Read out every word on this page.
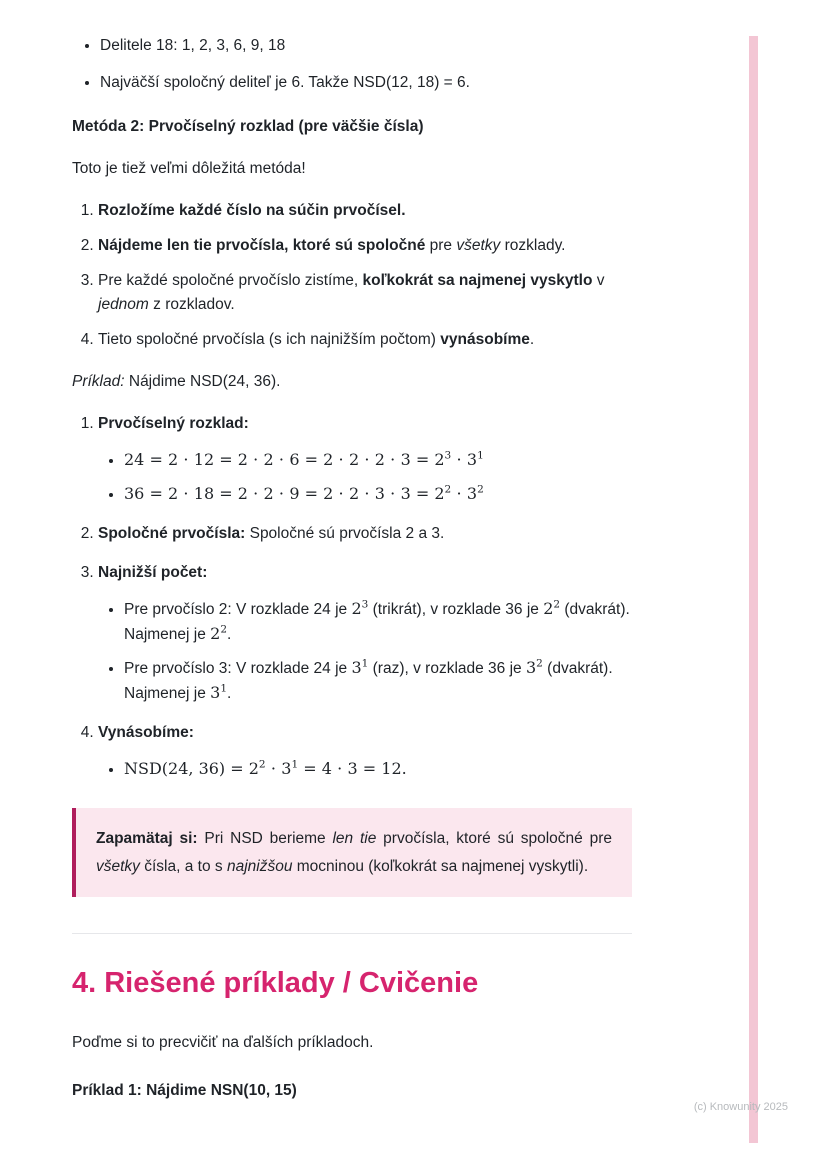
• Delitele 18: 1, 2, 3, 6, 9, 18
• Najväčší spoločný deliteľ je 6. Takže NSD(12, 18) = 6.

Metóda 2: Prvočíselný rozklad (pre väčšie čísla)

Toto je tiež veľmi dôležitá metóda!

1. Rozložíme každé číslo na súčin prvočísel.
2. Nájdeme len tie prvočísla, ktoré sú spoločné pre všetky rozklady.
3. Pre každé spoločné prvočíslo zistíme, koľkokrát sa najmenej vyskytlo v jednom z rozkladov.
4. Tieto spoločné prvočísla (s ich najnižším počtom) vynásobíme.

Príklad: Nájdime NSD(24, 36).

1. Prvočíselný rozklad:
• $24 = 2 \cdot 12 = 2 \cdot 2 \cdot 6 = 2 \cdot 2 \cdot 2 \cdot 3 = 2^3 \cdot 3^1$
• $36 = 2 \cdot 18 = 2 \cdot 2 \cdot 9 = 2 \cdot 2 \cdot 3 \cdot 3 = 2^2 \cdot 3^2$
2. Spoločné prvočísla: Spoločné sú prvočísla 2 a 3.
3. Najnižší počet:
• Pre prvočíslo 2: V rozklade 24 je $2^3$ (trikrát), v rozklade 36 je $2^2$ (dvakrát). Najmenej je $2^2$.
• Pre prvočíslo 3: V rozklade 24 je $3^1$ (raz), v rozklade 36 je $3^2$ (dvakrát). Najmenej je $3^1$.
4. Vynásobíme:
• NSD(24, $36) = 2^2 \cdot 3^1 = 4 \cdot 3 = 12$.

Zapamätaj si: Pri NSD berieme len tie prvočísla, ktoré sú spoločné pre všetky čísla, a to s najnižšou mocninou (koľkokrát sa najmenej vyskytli).

4. Riešené príklady / Cvičenie

Poďme si to precvičiť na ďalších príkladoch.

Príklad 1: Nájdime NSN(10, 15)

(c) Knowunity 2025
